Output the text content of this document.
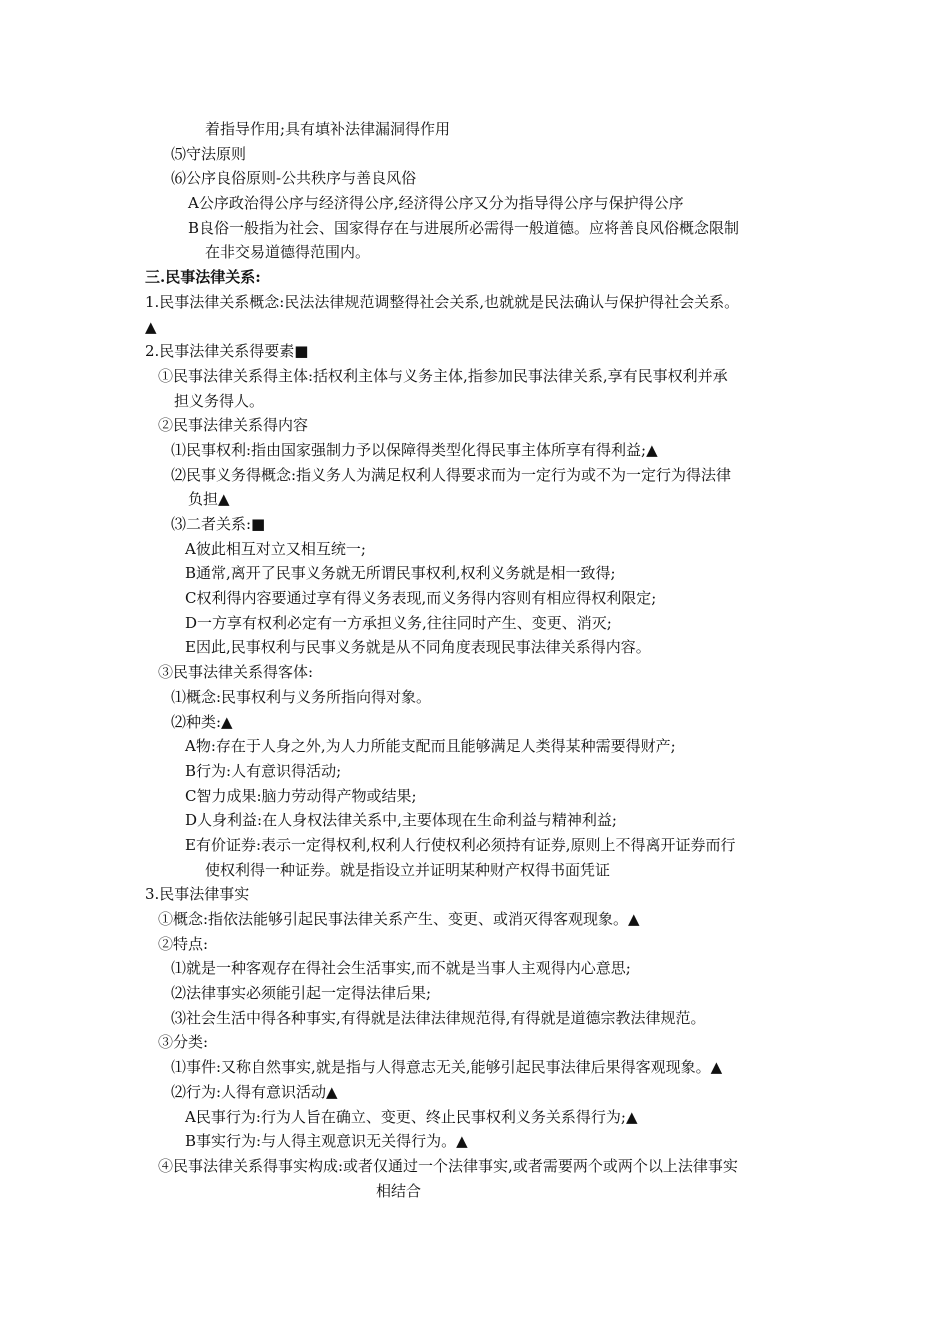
着指导作用;具有填补法律漏洞得作用
⑸守法原则
⑹公序良俗原则-公共秩序与善良风俗
A公序政治得公序与经济得公序,经济得公序又分为指导得公序与保护得公序
B良俗一般指为社会、国家得存在与进展所必需得一般道德。应将善良风俗概念限制
在非交易道德得范围内。
三.民事法律关系:
1.民事法律关系概念:民法法律规范调整得社会关系,也就就是民法确认与保护得社会关系。
▲
2.民事法律关系得要素■
①民事法律关系得主体:括权利主体与义务主体,指参加民事法律关系,享有民事权利并承
担义务得人。
②民事法律关系得内容
⑴民事权利:指由国家强制力予以保障得类型化得民事主体所享有得利益;▲
⑵民事义务得概念:指义务人为满足权利人得要求而为一定行为或不为一定行为得法律
负担▲
⑶二者关系:■
A彼此相互对立又相互统一;
B通常,离开了民事义务就无所谓民事权利,权利义务就是相一致得;
C权利得内容要通过享有得义务表现,而义务得内容则有相应得权利限定;
D一方享有权利必定有一方承担义务,往往同时产生、变更、消灭;
E因此,民事权利与民事义务就是从不同角度表现民事法律关系得内容。
③民事法律关系得客体:
⑴概念:民事权利与义务所指向得对象。
⑵种类:▲
A物:存在于人身之外,为人力所能支配而且能够满足人类得某种需要得财产;
B行为:人有意识得活动;
C智力成果:脑力劳动得产物或结果;
D人身利益:在人身权法律关系中,主要体现在生命利益与精神利益;
E有价证券:表示一定得权利,权利人行使权利必须持有证券,原则上不得离开证券而行
使权利得一种证券。就是指设立并证明某种财产权得书面凭证
3.民事法律事实
①概念:指依法能够引起民事法律关系产生、变更、或消灭得客观现象。▲
②特点:
⑴就是一种客观存在得社会生活事实,而不就是当事人主观得内心意思;
⑵法律事实必须能引起一定得法律后果;
⑶社会生活中得各种事实,有得就是法律法律规范得,有得就是道德宗教法律规范。
③分类:
⑴事件:又称自然事实,就是指与人得意志无关,能够引起民事法律后果得客观现象。▲
⑵行为:人得有意识活动▲
A民事行为:行为人旨在确立、变更、终止民事权利义务关系得行为;▲
B事实行为:与人得主观意识无关得行为。▲
④民事法律关系得事实构成:或者仅通过一个法律事实,或者需要两个或两个以上法律事实
相结合
